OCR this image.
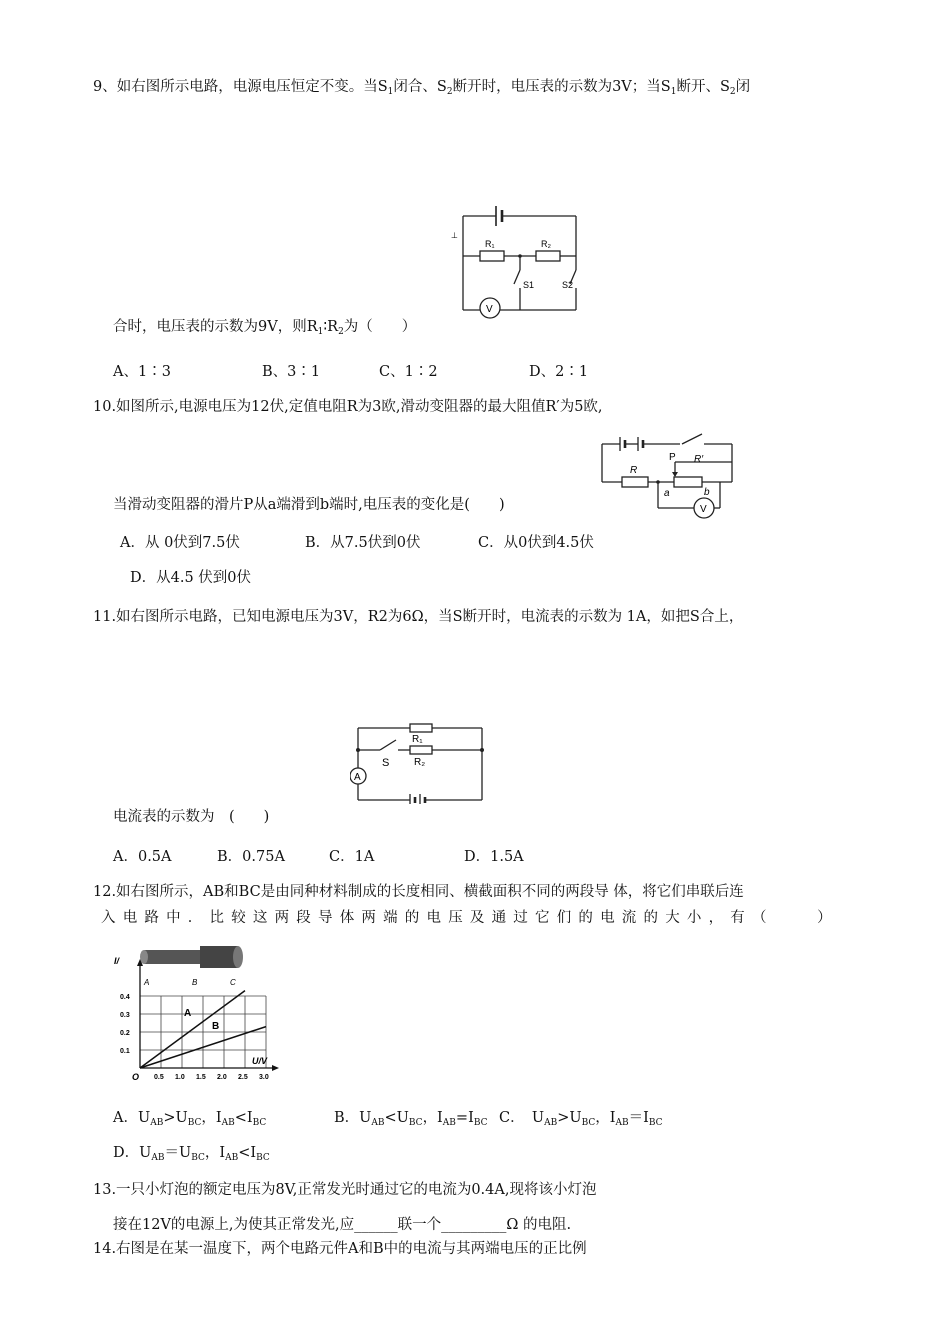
9、如右图所示电路，电源电压恒定不变。当$S_1$闭合、$S_2$断开时，电压表的示数为3V；当$S_1$断开、$S_2$闭
R₁	R₂
S1	S2
V
⊥
合时，电压表的示数为9V，则$R_1∶R_2$为（　　）
A、1∶3	B、3∶1	C、1∶2	D、2∶1
10.如图所示,电源电压为12伏,定值电阻R为3欧,滑动变阻器的最大阻值R′为5欧,
R
R′
P
a	b
V
当滑动变阻器的滑片P从a端滑到b端时,电压表的变化是(　　)
A．从 0伏到7.5伏	B．从7.5伏到0伏	C．从0伏到4.5伏
D．从4.5 伏到0伏
11.如右图所示电路，已知电源电压为3V，R2为6Ω，当S断开时，电流表的示数为 1A，如把S合上，
R₁
R₂
S
A
电流表的示数为　(　　)
A．0.5A	B．0.75A	C．1A	D．1.5A
12.如右图所示，AB和BC是由同种材料制成的长度相同、横截面积不同的两段导 体，将它们串联后连
入电路中．比较这两段导体两端的电压及通过它们的电流的大小，有（　　）
A	B	C
I/
0.1
0.2
0.3
0.4
0.5 1.0 1.5 2.0 2.5 3.0
O
U/V
A
B
A．$U_{AB}>U_{BC}$，$I_{AB}<I_{BC}$	B．$U_{AB}<U_{BC}$，$I_{AB}=I_{BC}$ C．　$U_{AB}>U_{BC}$，$I_{AB}=I_{BC}$
D．$U_{AB}=U_{BC}$，$I_{AB}<I_{BC}$
13.一只小灯泡的额定电压为8V,正常发光时通过它的电流为0.4A,现将该小灯泡
接在12V的电源上,为使其正常发光,应______联一个_________Ω 的电阻.
14.右图是在某一温度下，两个电路元件A和B中的电流与其两端电压的正比例
